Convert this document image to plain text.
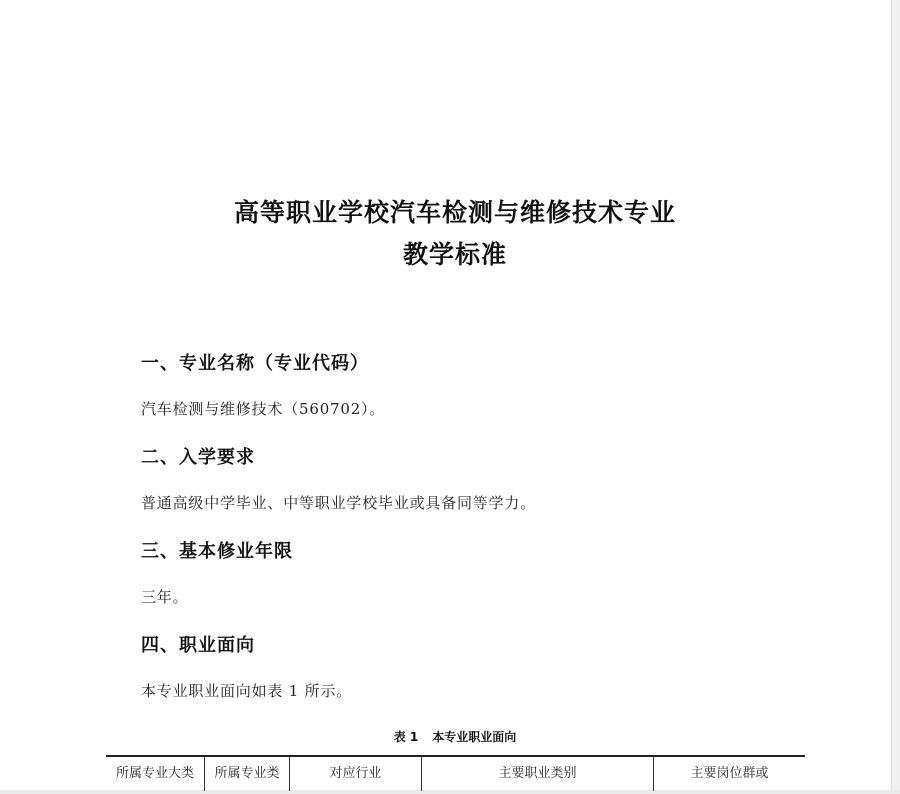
高等职业学校汽车检测与维修技术专业
教学标准
一、专业名称（专业代码）
汽车检测与维修技术（560702）。
二、入学要求
普通高级中学毕业、中等职业学校毕业或具备同等学力。
三、基本修业年限
三年。
四、职业面向
本专业职业面向如表 1 所示。
表 1 本专业职业面向
所属专业大类	所属专业类	对应行业	主要职业类别	主要岗位群或
